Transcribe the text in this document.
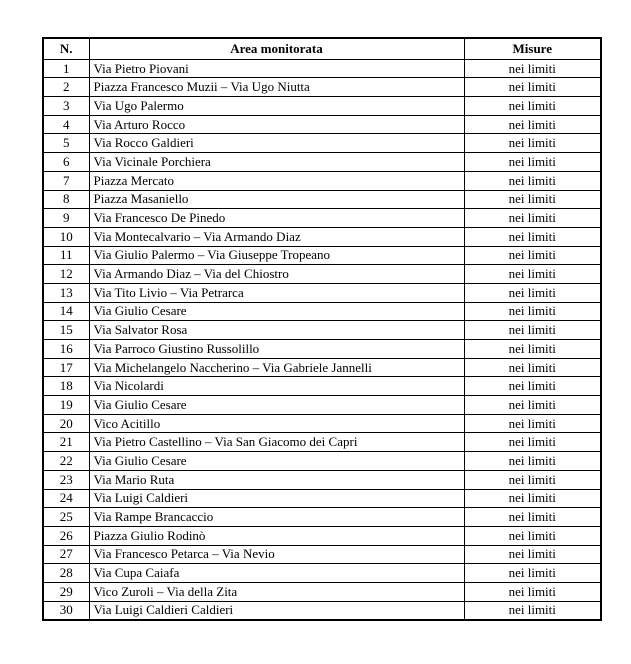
N.	Area monitorata	Misure
1	Via Pietro Piovani	nei limiti
2	Piazza Francesco Muzii – Via Ugo Niutta	nei limiti
3	Via Ugo Palermo	nei limiti
4	Via Arturo Rocco	nei limiti
5	Via Rocco Galdieri	nei limiti
6	Via Vicinale Porchiera	nei limiti
7	Piazza Mercato	nei limiti
8	Piazza Masaniello	nei limiti
9	Via Francesco De Pinedo	nei limiti
10	Via Montecalvario – Via Armando Diaz	nei limiti
11	Via Giulio Palermo – Via Giuseppe Tropeano	nei limiti
12	Via Armando Diaz – Via del Chiostro	nei limiti
13	Via Tito Livio – Via Petrarca	nei limiti
14	Via Giulio Cesare	nei limiti
15	Via Salvator Rosa	nei limiti
16	Via Parroco Giustino Russolillo	nei limiti
17	Via Michelangelo Naccherino – Via Gabriele Jannelli	nei limiti
18	Via Nicolardi	nei limiti
19	Via Giulio Cesare	nei limiti
20	Vico Acitillo	nei limiti
21	Via Pietro Castellino – Via San Giacomo dei Capri	nei limiti
22	Via Giulio Cesare	nei limiti
23	Via Mario Ruta	nei limiti
24	Via Luigi Caldieri	nei limiti
25	Via Rampe Brancaccio	nei limiti
26	Piazza Giulio Rodinò	nei limiti
27	Via Francesco Petarca – Via Nevio	nei limiti
28	Via Cupa Caiafa	nei limiti
29	Vico Zuroli – Via della Zita	nei limiti
30	Via Luigi Caldieri Caldieri	nei limiti
